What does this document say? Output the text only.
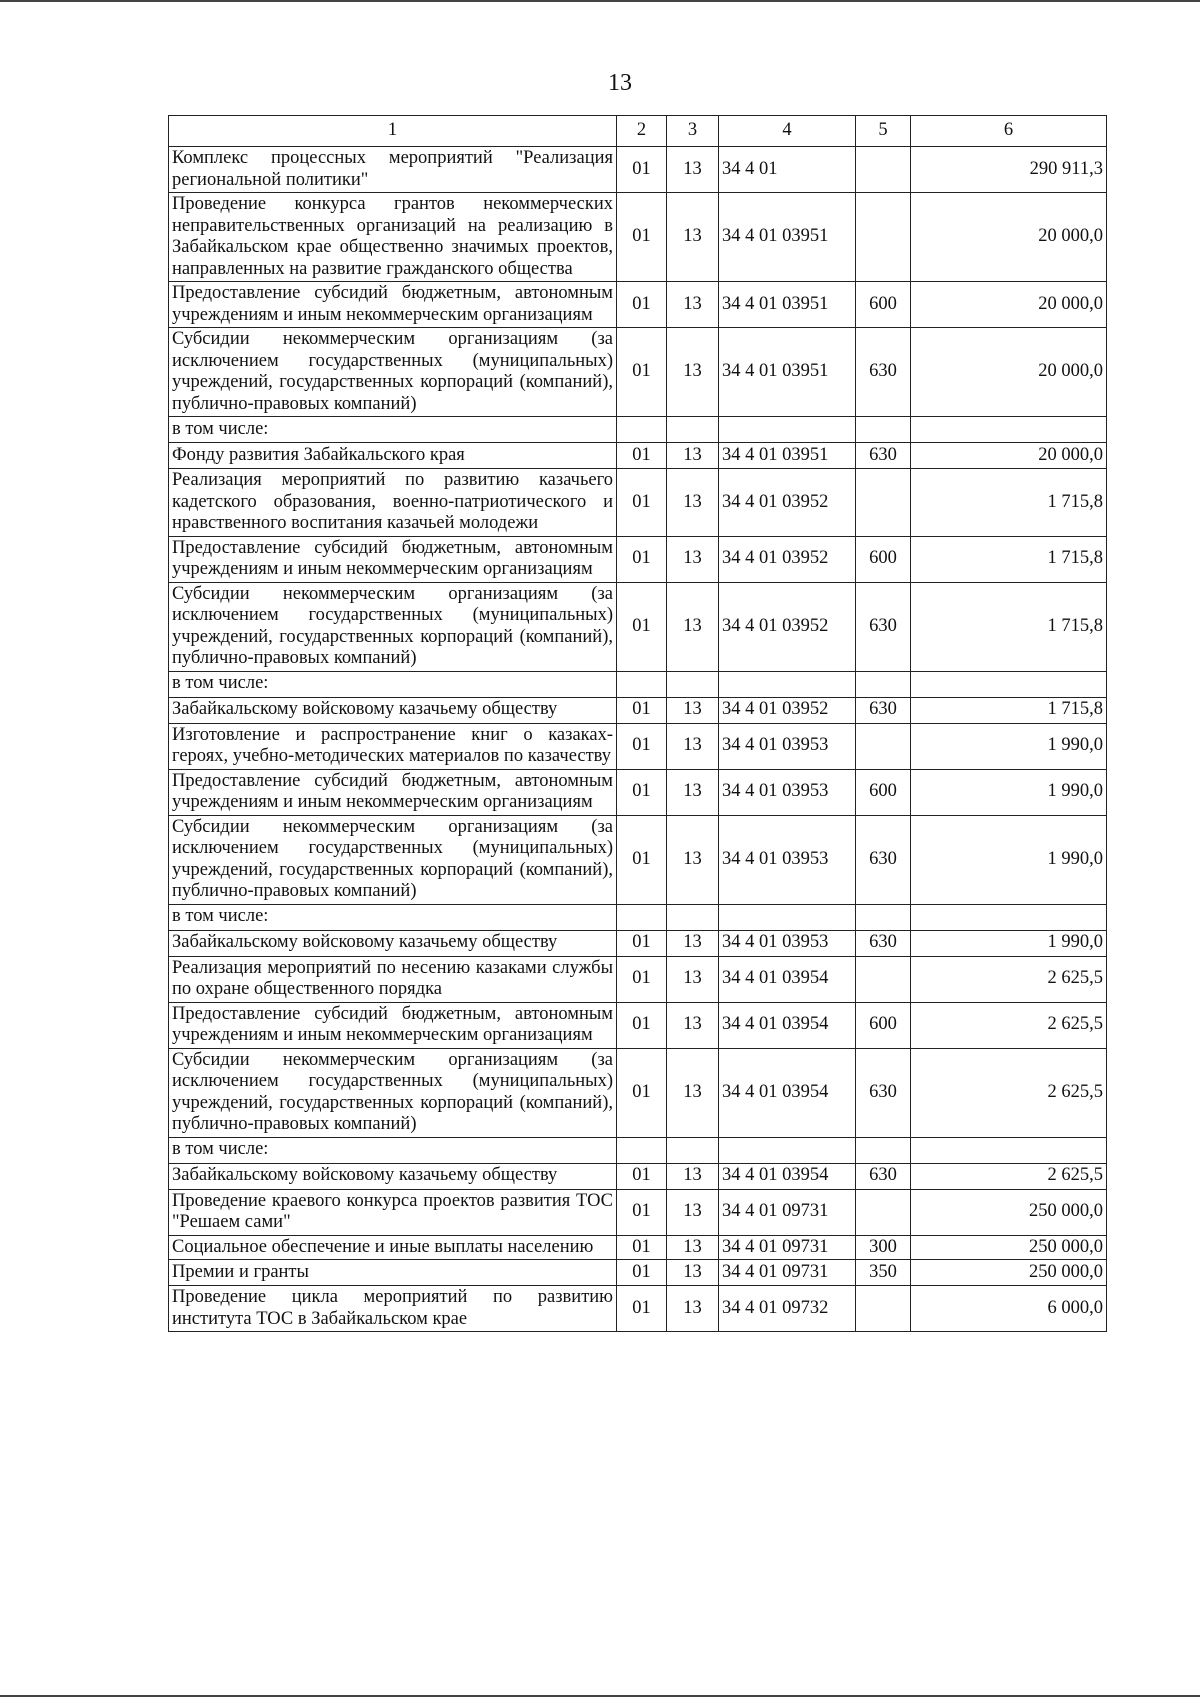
13
1	2	3	4	5	6
Комплекс процессных мероприятий "Реализация региональной политики"	01	13	34 4 01		290 911,3
Проведение конкурса грантов некоммерческих неправительственных организаций на реализацию в Забайкальском крае общественно значимых проектов, направленных на развитие гражданского общества	01	13	34 4 01 03951		20 000,0
Предоставление субсидий бюджетным, автономным учреждениям и иным некоммерческим организациям	01	13	34 4 01 03951	600	20 000,0
Субсидии некоммерческим организациям (за исключением государственных (муниципальных) учреждений, государственных корпораций (компаний), публично-правовых компаний)	01	13	34 4 01 03951	630	20 000,0
в том числе:					
Фонду развития Забайкальского края	01	13	34 4 01 03951	630	20 000,0
Реализация мероприятий по развитию казачьего кадетского образования, военно-патриотического и нравственного воспитания казачьей молодежи	01	13	34 4 01 03952		1 715,8
Предоставление субсидий бюджетным, автономным учреждениям и иным некоммерческим организациям	01	13	34 4 01 03952	600	1 715,8
Субсидии некоммерческим организациям (за исключением государственных (муниципальных) учреждений, государственных корпораций (компаний), публично-правовых компаний)	01	13	34 4 01 03952	630	1 715,8
в том числе:					
Забайкальскому войсковому казачьему обществу	01	13	34 4 01 03952	630	1 715,8
Изготовление и распространение книг о казаках-героях, учебно-методических материалов по казачеству	01	13	34 4 01 03953		1 990,0
Предоставление субсидий бюджетным, автономным учреждениям и иным некоммерческим организациям	01	13	34 4 01 03953	600	1 990,0
Субсидии некоммерческим организациям (за исключением государственных (муниципальных) учреждений, государственных корпораций (компаний), публично-правовых компаний)	01	13	34 4 01 03953	630	1 990,0
в том числе:					
Забайкальскому войсковому казачьему обществу	01	13	34 4 01 03953	630	1 990,0
Реализация мероприятий по несению казаками службы по охране общественного порядка	01	13	34 4 01 03954		2 625,5
Предоставление субсидий бюджетным, автономным учреждениям и иным некоммерческим организациям	01	13	34 4 01 03954	600	2 625,5
Субсидии некоммерческим организациям (за исключением государственных (муниципальных) учреждений, государственных корпораций (компаний), публично-правовых компаний)	01	13	34 4 01 03954	630	2 625,5
в том числе:					
Забайкальскому войсковому казачьему обществу	01	13	34 4 01 03954	630	2 625,5
Проведение краевого конкурса проектов развития ТОС "Решаем сами"	01	13	34 4 01 09731		250 000,0
Социальное обеспечение и иные выплаты населению	01	13	34 4 01 09731	300	250 000,0
Премии и гранты	01	13	34 4 01 09731	350	250 000,0
Проведение цикла мероприятий по развитию института ТОС в Забайкальском крае	01	13	34 4 01 09732		6 000,0
